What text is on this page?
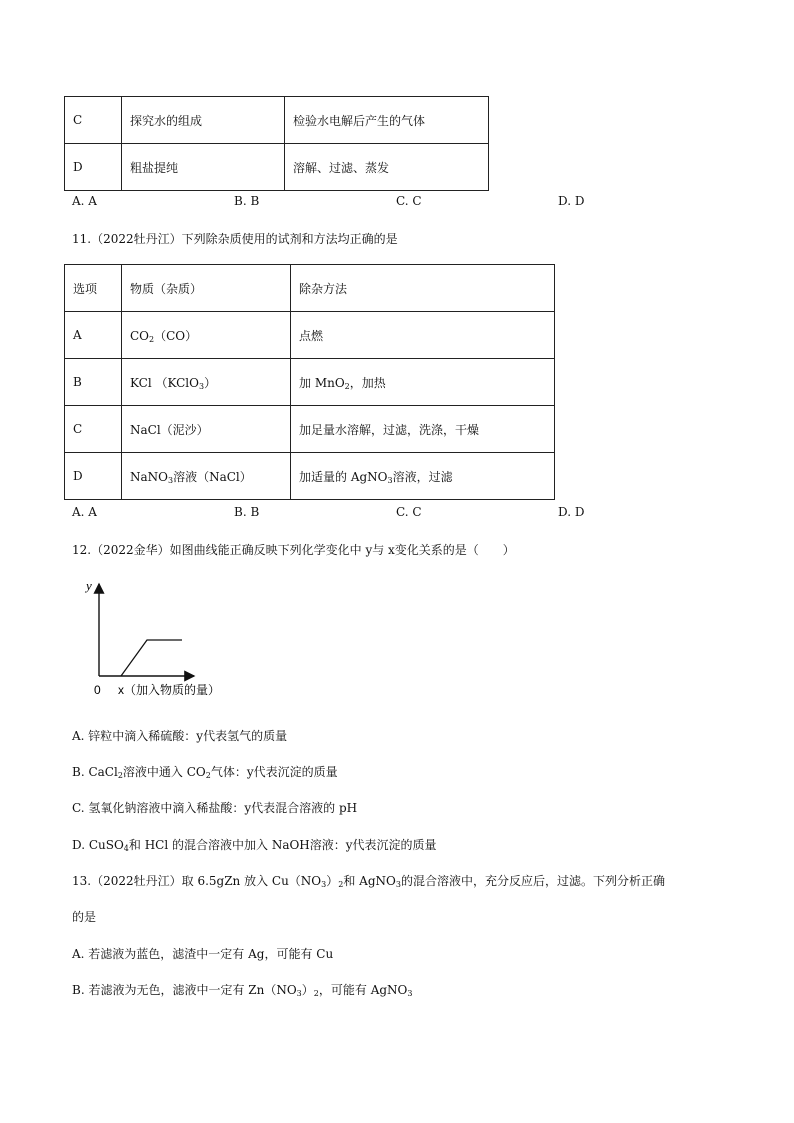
C	探究水的组成	检验水电解后产生的气体
D	粗盐提纯	溶解、过滤、蒸发
A. A	B. B	C. C	D. D
11.（2022牡丹江）下列除杂质使用的试剂和方法均正确的是
选项	物质（杂质）	除杂方法
A	$CO_2(CO)$	点燃
B	KCl （KClO$_3$）	加 MnO$_2$，加热
C	NaCl（泥沙）	加足量水溶解，过滤，洗涤，干燥
D	NaNO$_3$溶液（NaCl）	加适量的 AgNO$_3$溶液，过滤
A. A	B. B	C. C	D. D
12.（2022金华）如图曲线能正确反映下列化学变化中 y与 x变化关系的是（　　）
y
0 x（加入物质的量）
A. 锌粒中滴入稀硫酸：y代表氢气的质量
B. CaCl$_2$溶液中通入 $CO_2$气体：y代表沉淀的质量
C. 氢氧化钠溶液中滴入稀盐酸：y代表混合溶液的 pH
D. CuSO$_4$和 HCl 的混合溶液中加入 NaOH溶液：y代表沉淀的质量
13.（2022牡丹江）取 6.5gZn 放入 $Cu(NO_3)_2$和 AgNO$_3$的混合溶液中，充分反应后，过滤。下列分析正确
的是
A. 若滤液为蓝色，滤渣中一定有 Ag，可能有 Cu
B. 若滤液为无色，滤液中一定有 $Zn(NO_3)_2$，可能有 AgNO$_3$
